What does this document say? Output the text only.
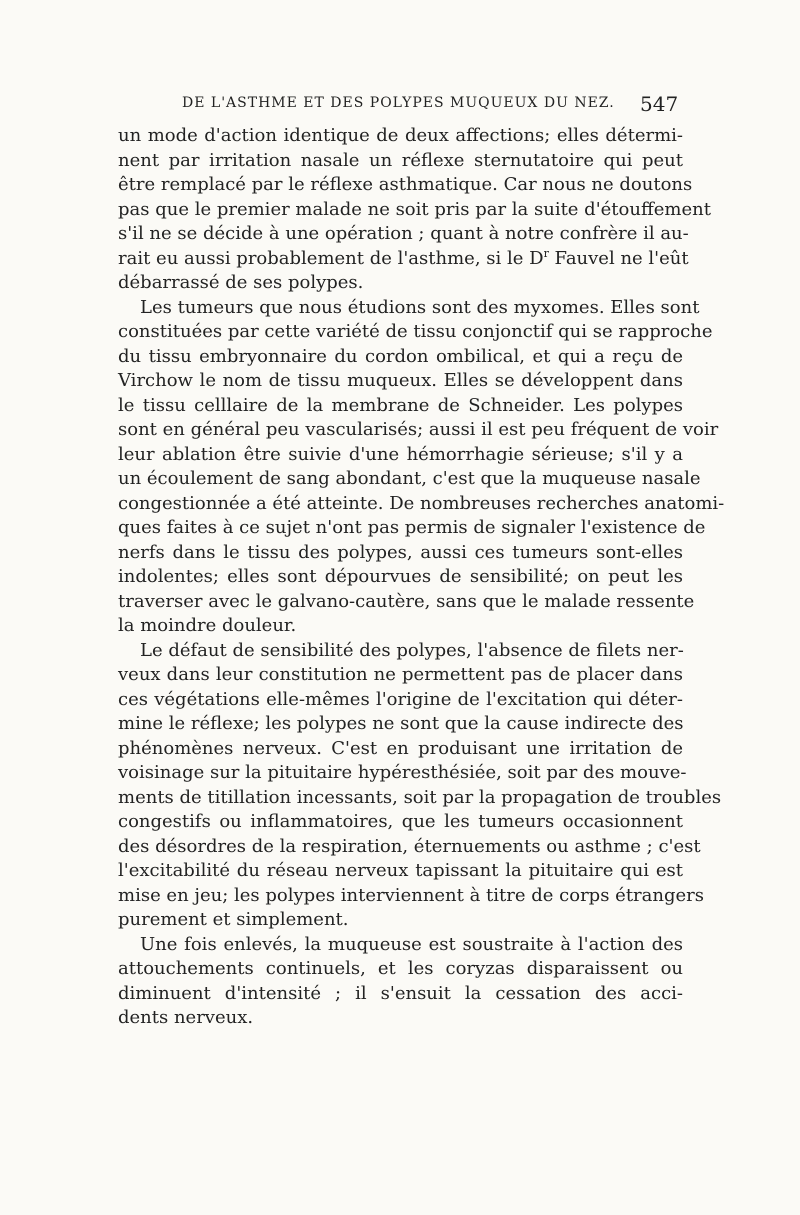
DE L'ASTHME ET DES POLYPES MUQUEUX DU NEZ.	547
un mode d'action identique de deux affections; elles détermi-
nent par irritation nasale un réflexe sternutatoire qui peut
être remplacé par le réflexe asthmatique. Car nous ne doutons
pas que le premier malade ne soit pris par la suite d'étouffement
s'il ne se décide à une opération ; quant à notre confrère il au-
rait eu aussi probablement de l'asthme, si le $D^r$ Fauvel ne l'eût
débarrassé de ses polypes.
Les tumeurs que nous étudions sont des myxomes. Elles sont
constituées par cette variété de tissu conjonctif qui se rapproche
du tissu embryonnaire du cordon ombilical, et qui a reçu de
Virchow le nom de tissu muqueux. Elles se développent dans
le tissu celllaire de la membrane de Schneider. Les polypes
sont en général peu vascularisés; aussi il est peu fréquent de voir
leur ablation être suivie d'une hémorrhagie sérieuse; s'il y a
un écoulement de sang abondant, c'est que la muqueuse nasale
congestionnée a été atteinte. De nombreuses recherches anatomi-
ques faites à ce sujet n'ont pas permis de signaler l'existence de
nerfs dans le tissu des polypes, aussi ces tumeurs sont-elles
indolentes; elles sont dépourvues de sensibilité; on peut les
traverser avec le galvano-cautère, sans que le malade ressente
la moindre douleur.
Le défaut de sensibilité des polypes, l'absence de filets ner-
veux dans leur constitution ne permettent pas de placer dans
ces végétations elle-mêmes l'origine de l'excitation qui déter-
mine le réflexe; les polypes ne sont que la cause indirecte des
phénomènes nerveux. C'est en produisant une irritation de
voisinage sur la pituitaire hypéresthésiée, soit par des mouve-
ments de titillation incessants, soit par la propagation de troubles
congestifs ou inflammatoires, que les tumeurs occasionnent
des désordres de la respiration, éternuements ou asthme ; c'est
l'excitabilité du réseau nerveux tapissant la pituitaire qui est
mise en jeu; les polypes interviennent à titre de corps étrangers
purement et simplement.
Une fois enlevés, la muqueuse est soustraite à l'action des
attouchements continuels, et les coryzas disparaissent ou
diminuent d'intensité ; il s'ensuit la cessation des acci-
dents nerveux.
